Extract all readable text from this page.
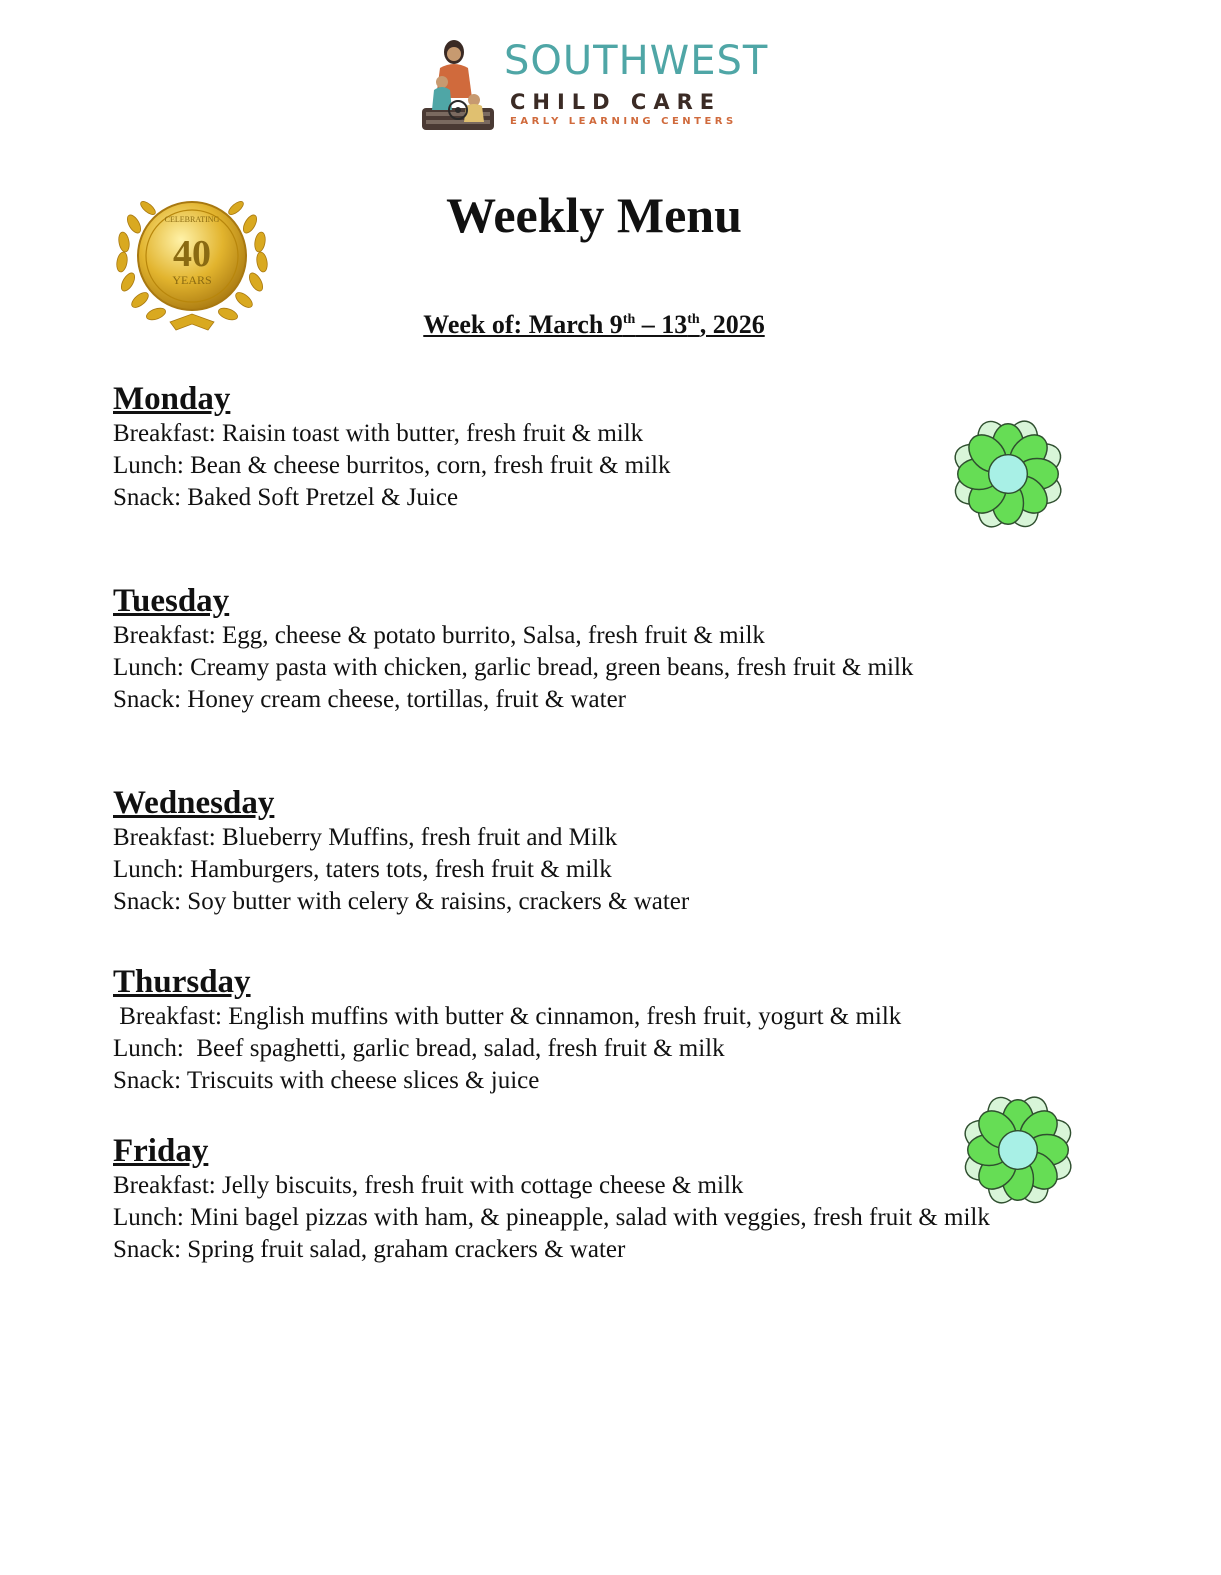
SOUTHWEST
CHILD CARE
EARLY LEARNING CENTERS
CELEBRATING
40
YEARS
Weekly Menu
Week of: March 9th – 13th, 2026
Monday
Breakfast: Raisin toast with butter, fresh fruit & milk
Lunch: Bean & cheese burritos, corn, fresh fruit & milk
Snack: Baked Soft Pretzel & Juice
Tuesday
Breakfast: Egg, cheese & potato burrito, Salsa, fresh fruit & milk
Lunch: Creamy pasta with chicken, garlic bread, green beans, fresh fruit & milk
Snack: Honey cream cheese, tortillas, fruit & water
Wednesday
Breakfast: Blueberry Muffins, fresh fruit and Milk
Lunch: Hamburgers, taters tots, fresh fruit & milk
Snack: Soy butter with celery & raisins, crackers & water
Thursday
Breakfast: English muffins with butter & cinnamon, fresh fruit, yogurt & milk
Lunch:  Beef spaghetti, garlic bread, salad, fresh fruit & milk
Snack: Triscuits with cheese slices & juice
Friday
Breakfast: Jelly biscuits, fresh fruit with cottage cheese & milk
Lunch: Mini bagel pizzas with ham, & pineapple, salad with veggies, fresh fruit & milk
Snack: Spring fruit salad, graham crackers & water
